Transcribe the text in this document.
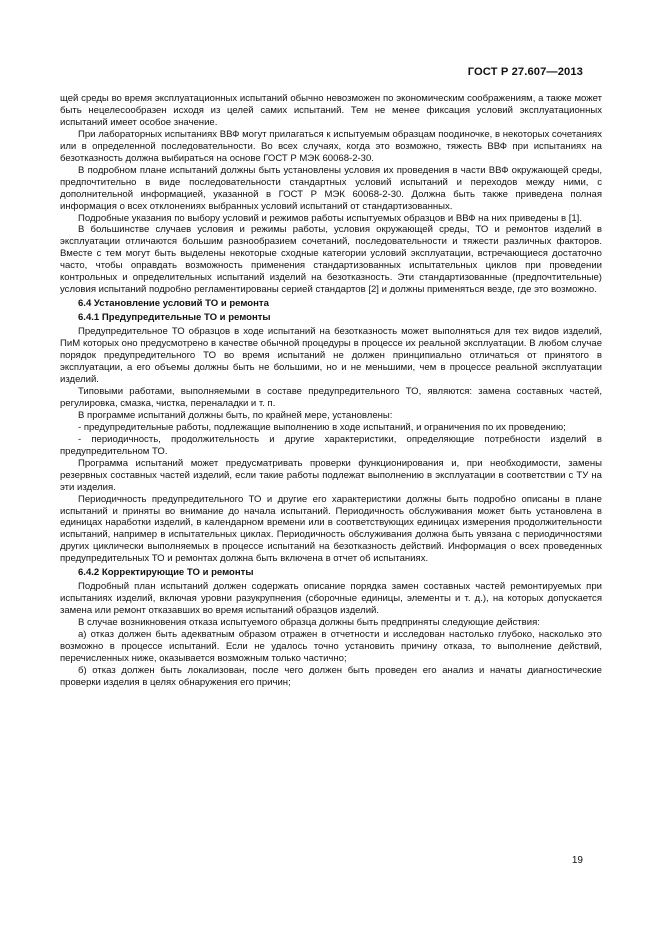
ГОСТ Р 27.607—2013

щей среды во время эксплуатационных испытаний обычно невозможен по экономическим соображениям, а также может быть нецелесообразен исходя из целей самих испытаний. Тем не менее фиксация условий эксплуатационных испытаний имеет особое значение.

При лабораторных испытаниях ВВФ могут прилагаться к испытуемым образцам поодиночке, в некоторых сочетаниях или в определенной последовательности. Во всех случаях, когда это возможно, тяжесть ВВФ при испытаниях на безотказность должна выбираться на основе ГОСТ Р МЭК 60068-2-30.

В подробном плане испытаний должны быть установлены условия их проведения в части ВВФ окружающей среды, предпочтительно в виде последовательности стандартных условий испытаний и переходов между ними, с дополнительной информацией, указанной в ГОСТ Р МЭК 60068-2-30. Должна быть также приведена полная информация о всех отклонениях выбранных условий испытаний от стандартизованных.

Подробные указания по выбору условий и режимов работы испытуемых образцов и ВВФ на них приведены в [1].

В большинстве случаев условия и режимы работы, условия окружающей среды, ТО и ремонтов изделий в эксплуатации отличаются большим разнообразием сочетаний, последовательности и тяжести различных факторов. Вместе с тем могут быть выделены некоторые сходные категории условий эксплуатации, встречающиеся достаточно часто, чтобы оправдать возможность применения стандартизованных испытательных циклов при проведении контрольных и определительных испытаний изделий на безотказность. Эти стандартизованные (предпочтительные) условия испытаний подробно регламентированы серией стандартов [2] и должны применяться везде, где это возможно.

6.4 Установление условий ТО и ремонта
6.4.1 Предупредительные ТО и ремонты

Предупредительное ТО образцов в ходе испытаний на безотказность может выполняться для тех видов изделий, ПиМ которых оно предусмотрено в качестве обычной процедуры в процессе их реальной эксплуатации. В любом случае порядок предупредительного ТО во время испытаний не должен принципиально отличаться от принятого в эксплуатации, а его объемы должны быть не большими, но и не меньшими, чем в процессе реальной эксплуатации изделий.

Типовыми работами, выполняемыми в составе предупредительного ТО, являются: замена составных частей, регулировка, смазка, чистка, переналадки и т. п.

В программе испытаний должны быть, по крайней мере, установлены:

- предупредительные работы, подлежащие выполнению в ходе испытаний, и ограничения по их проведению;

- периодичность, продолжительность и другие характеристики, определяющие потребности изделий в предупредительном ТО.

Программа испытаний может предусматривать проверки функционирования и, при необходимости, замены резервных составных частей изделий, если такие работы подлежат выполнению в эксплуатации в соответствии с ТУ на эти изделия.

Периодичность предупредительного ТО и другие его характеристики должны быть подробно описаны в плане испытаний и приняты во внимание до начала испытаний. Периодичность обслуживания может быть установлена в единицах наработки изделий, в календарном времени или в соответствующих единицах измерения продолжительности испытаний, например в испытательных циклах. Периодичность обслуживания должна быть увязана с периодичностями других циклически выполняемых в процессе испытаний на безотказность действий. Информация о всех проведенных предупредительных ТО и ремонтах должна быть включена в отчет об испытаниях.

6.4.2 Корректирующие ТО и ремонты

Подробный план испытаний должен содержать описание порядка замен составных частей ремонтируемых при испытаниях изделий, включая уровни разукрупнения (сборочные единицы, элементы и т. д.), на которых допускается замена или ремонт отказавших во время испытаний образцов изделий.

В случае возникновения отказа испытуемого образца должны быть предприняты следующие действия:

а) отказ должен быть адекватным образом отражен в отчетности и исследован настолько глубоко, насколько это возможно в процессе испытаний. Если не удалось точно установить причину отказа, то выполнение действий, перечисленных ниже, оказывается возможным только частично;

б) отказ должен быть локализован, после чего должен быть проведен его анализ и начаты диагностические проверки изделия в целях обнаружения его причин;

19
